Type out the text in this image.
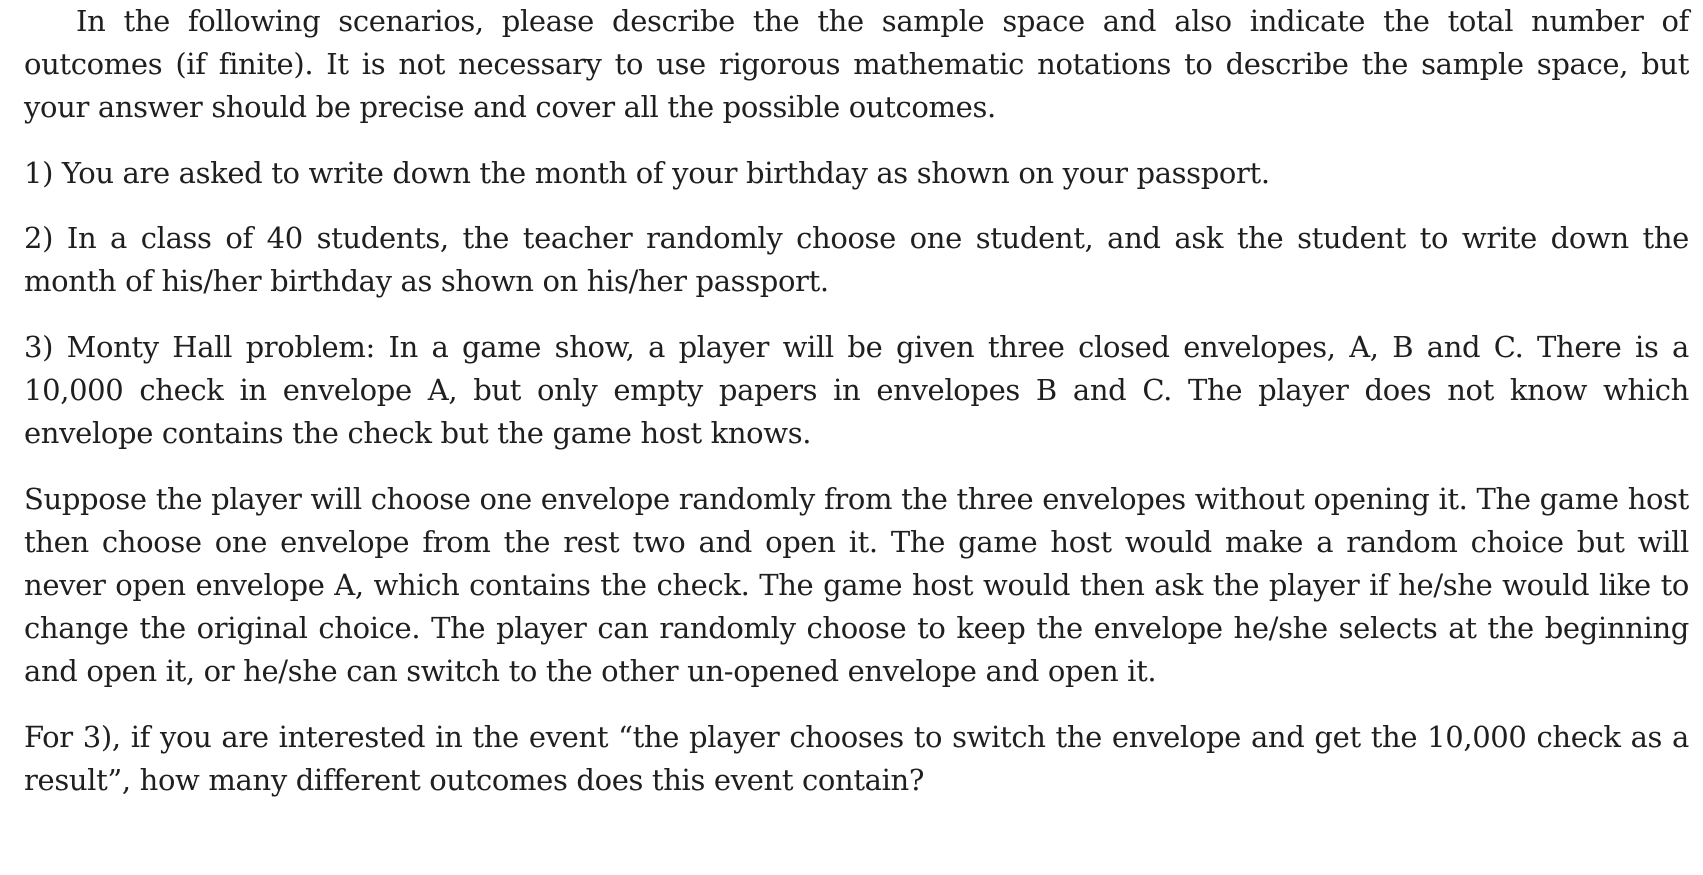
In the following scenarios, please describe the the sample space and also indicate the total number of outcomes (if finite). It is not necessary to use rigorous mathematic notations to describe the sample space, but your answer should be precise and cover all the possible outcomes.

1) You are asked to write down the month of your birthday as shown on your passport.

2) In a class of 40 students, the teacher randomly choose one student, and ask the student to write down the month of his/her birthday as shown on his/her passport.

3) Monty Hall problem: In a game show, a player will be given three closed envelopes, A, B and C. There is a 10,000 check in envelope A, but only empty papers in envelopes B and C. The player does not know which envelope contains the check but the game host knows.

Suppose the player will choose one envelope randomly from the three envelopes without opening it. The game host then choose one envelope from the rest two and open it. The game host would make a random choice but will never open envelope A, which contains the check. The game host would then ask the player if he/she would like to change the original choice. The player can randomly choose to keep the envelope he/she selects at the beginning and open it, or he/she can switch to the other un-opened envelope and open it.

For 3), if you are interested in the event “the player chooses to switch the envelope and get the 10,000 check as a result”, how many different outcomes does this event contain?
